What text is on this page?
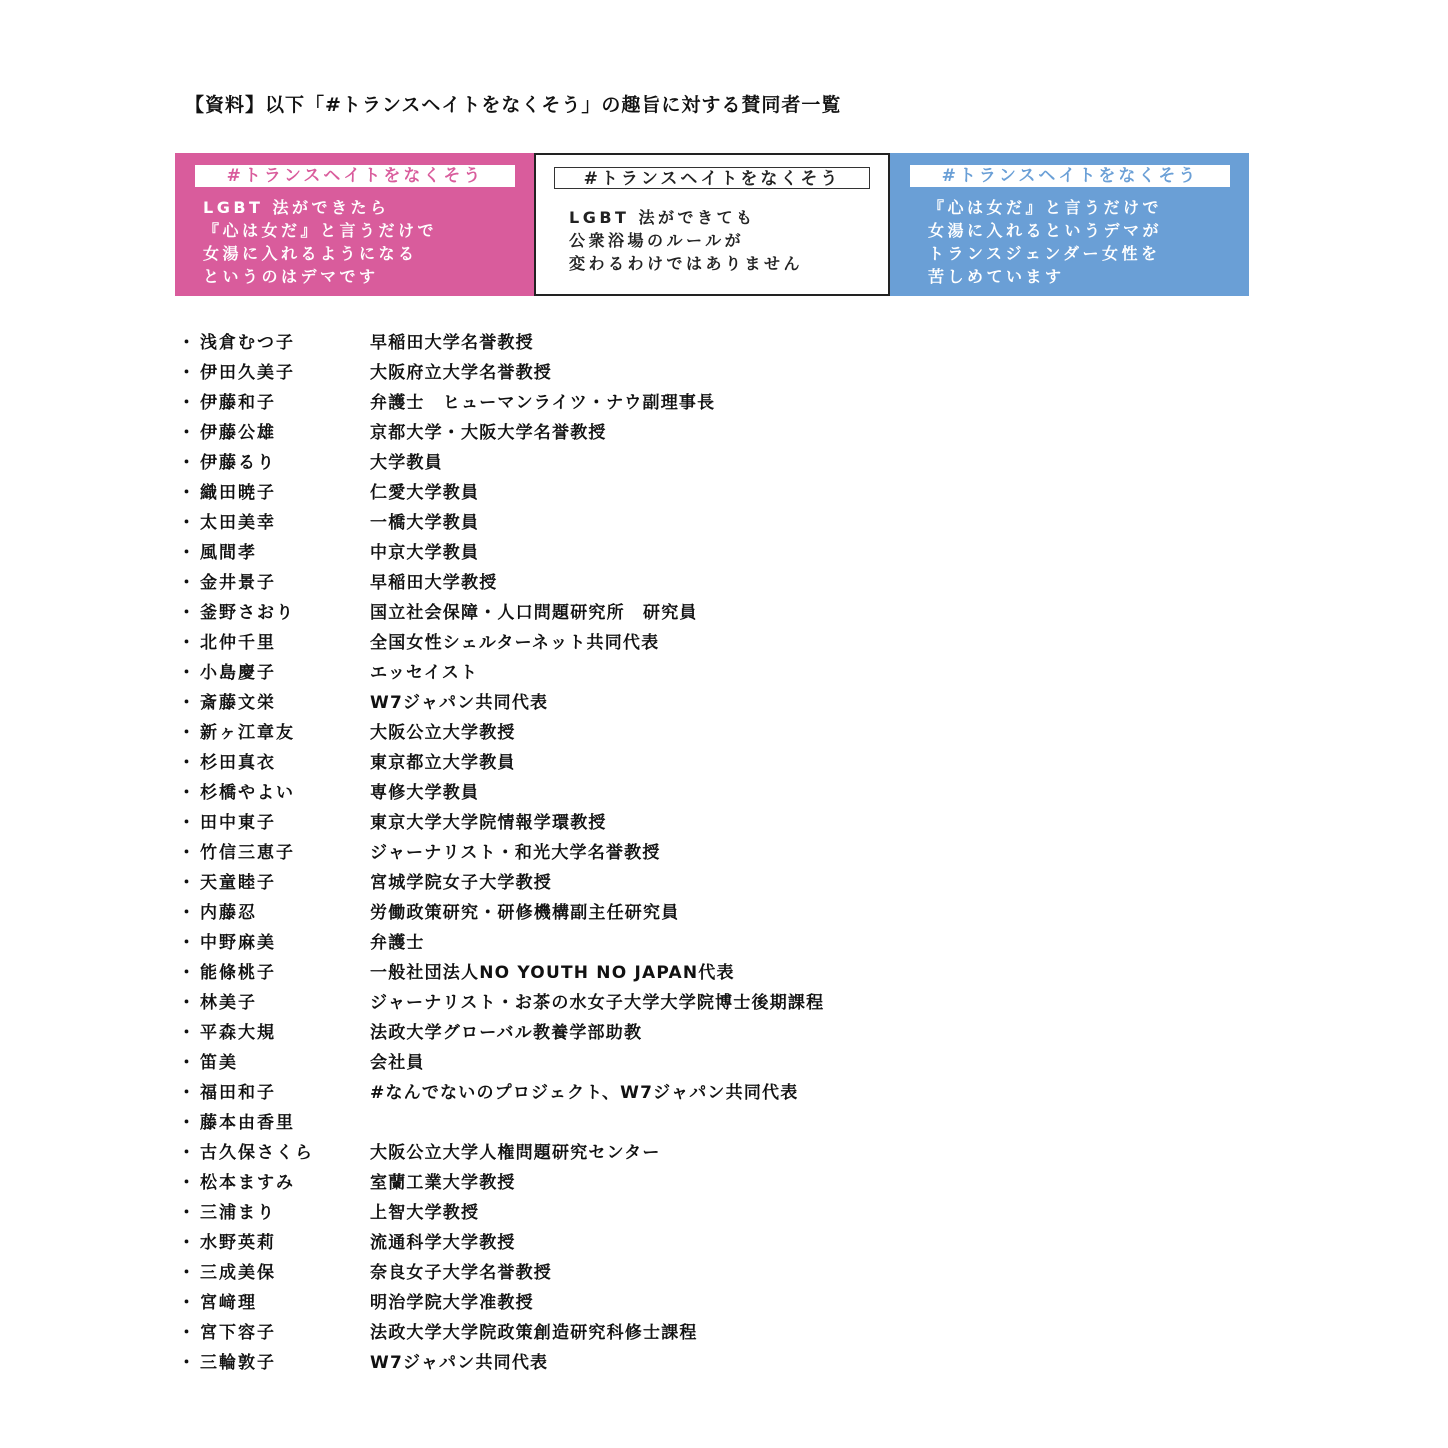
【資料】以下「#トランスヘイトをなくそう」の趣旨に対する賛同者一覧
#トランスヘイトをなくそう
LGBT 法ができたら
『心は女だ』と言うだけで
女湯に入れるようになる
というのはデマです
#トランスヘイトをなくそう
LGBT 法ができても
公衆浴場のルールが
変わるわけではありません
#トランスヘイトをなくそう
『心は女だ』と言うだけで
女湯に入れるというデマが
トランスジェンダー女性を
苦しめています
・ 浅倉むつ子	早稲田大学名誉教授
・ 伊田久美子	大阪府立大学名誉教授
・ 伊藤和子	弁護士　ヒューマンライツ・ナウ副理事長
・ 伊藤公雄	京都大学・大阪大学名誉教授
・ 伊藤るり	大学教員
・ 織田暁子	仁愛大学教員
・ 太田美幸	一橋大学教員
・ 風間孝	中京大学教員
・ 金井景子	早稲田大学教授
・ 釜野さおり	国立社会保障・人口問題研究所　研究員
・ 北仲千里	全国女性シェルターネット共同代表
・ 小島慶子	エッセイスト
・ 斎藤文栄	W7ジャパン共同代表
・ 新ヶ江章友	大阪公立大学教授
・ 杉田真衣	東京都立大学教員
・ 杉橋やよい	専修大学教員
・ 田中東子	東京大学大学院情報学環教授
・ 竹信三恵子	ジャーナリスト・和光大学名誉教授
・ 天童睦子	宮城学院女子大学教授
・ 内藤忍	労働政策研究・研修機構副主任研究員
・ 中野麻美	弁護士
・ 能條桃子	一般社団法人NO YOUTH NO JAPAN代表
・ 林美子	ジャーナリスト・お茶の水女子大学大学院博士後期課程
・ 平森大規	法政大学グローバル教養学部助教
・ 笛美	会社員
・ 福田和子	#なんでないのプロジェクト、W7ジャパン共同代表
・ 藤本由香里
・ 古久保さくら	大阪公立大学人権問題研究センター
・ 松本ますみ	室蘭工業大学教授
・ 三浦まり	上智大学教授
・ 水野英莉	流通科学大学教授
・ 三成美保	奈良女子大学名誉教授
・ 宮﨑理	明治学院大学准教授
・ 宮下容子	法政大学大学院政策創造研究科修士課程
・ 三輪敦子	W7ジャパン共同代表
